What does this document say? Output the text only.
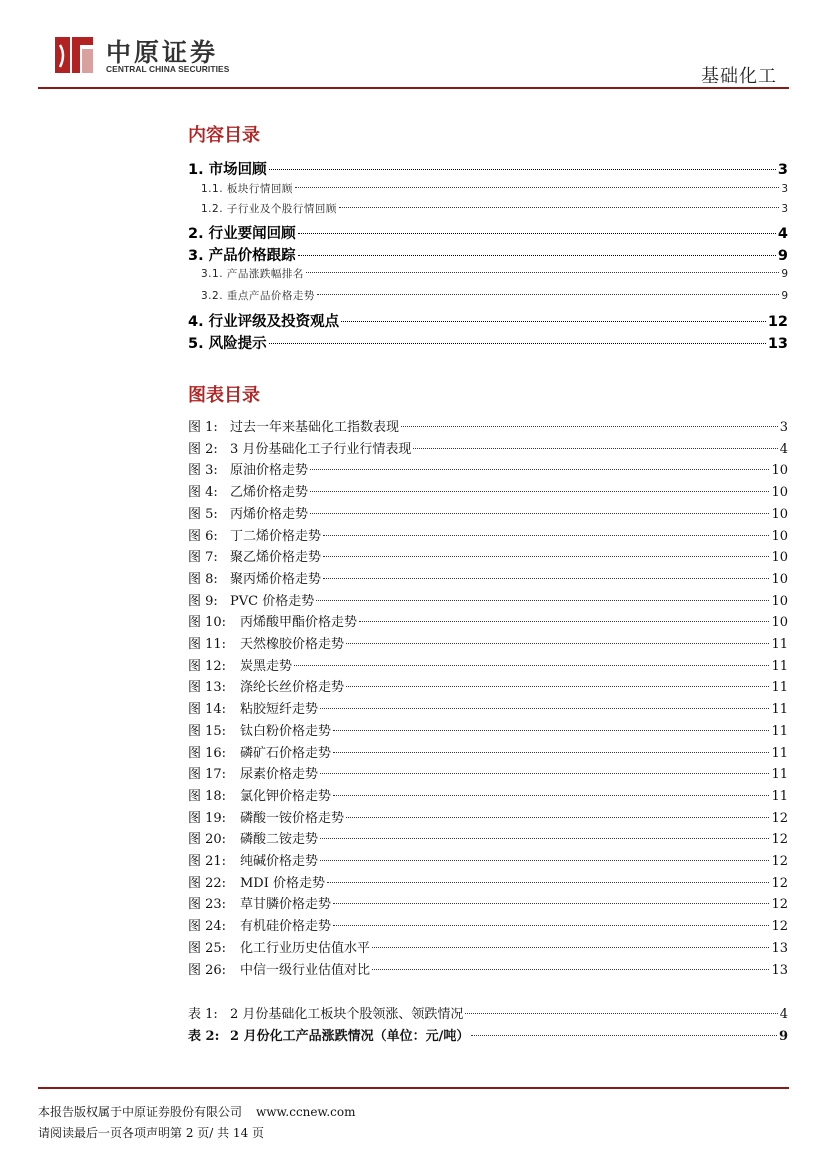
中原证券
CENTRAL CHINA SECURITIES	基础化工
内容目录
1. 市场回顾	3
1.1. 板块行情回顾	3
1.2. 子行业及个股行情回顾	3
2. 行业要闻回顾	4
3. 产品价格跟踪	9
3.1. 产品涨跌幅排名	9
3.2. 重点产品价格走势	9
4. 行业评级及投资观点	12
5. 风险提示	13
图表目录
图 1: 过去一年来基础化工指数表现	3
图 2: 3 月份基础化工子行业行情表现	4
图 3: 原油价格走势	10
图 4: 乙烯价格走势	10
图 5: 丙烯价格走势	10
图 6: 丁二烯价格走势	10
图 7: 聚乙烯价格走势	10
图 8: 聚丙烯价格走势	10
图 9: PVC 价格走势	10
图 10: 丙烯酸甲酯价格走势	10
图 11: 天然橡胶价格走势	11
图 12: 炭黑走势	11
图 13: 涤纶长丝价格走势	11
图 14: 粘胶短纤走势	11
图 15: 钛白粉价格走势	11
图 16: 磷矿石价格走势	11
图 17: 尿素价格走势	11
图 18: 氯化钾价格走势	11
图 19: 磷酸一铵价格走势	12
图 20: 磷酸二铵走势	12
图 21: 纯碱价格走势	12
图 22: MDI 价格走势	12
图 23: 草甘膦价格走势	12
图 24: 有机硅价格走势	12
图 25: 化工行业历史估值水平	13
图 26: 中信一级行业估值对比	13
表 1: 2 月份基础化工板块个股领涨、领跌情况	4
表 2: 2 月份化工产品涨跌情况（单位：元/吨）	9
本报告版权属于中原证券股份有限公司 www.ccnew.com
请阅读最后一页各项声明第 2 页/ 共 14 页
